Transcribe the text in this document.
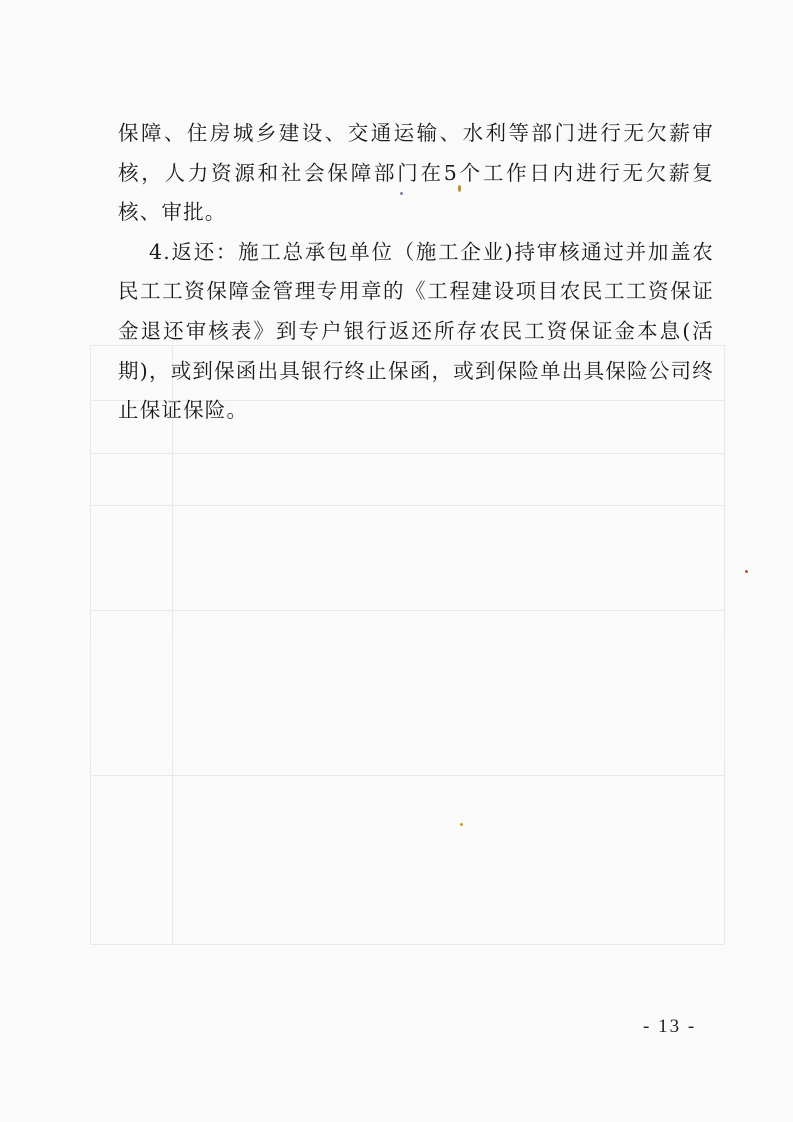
保障、住房城乡建设、交通运输、水利等部门进行无欠薪审核，人力资源和社会保障部门在5个工作日内进行无欠薪复核、审批。

4.返还：施工总承包单位（施工企业)持审核通过并加盖农民工工资保障金管理专用章的《工程建设项目农民工工资保证金退还审核表》到专户银行返还所存农民工资保证金本息(活期)，或到保函出具银行终止保函，或到保险单出具保险公司终止保证保险。

- 13 -
